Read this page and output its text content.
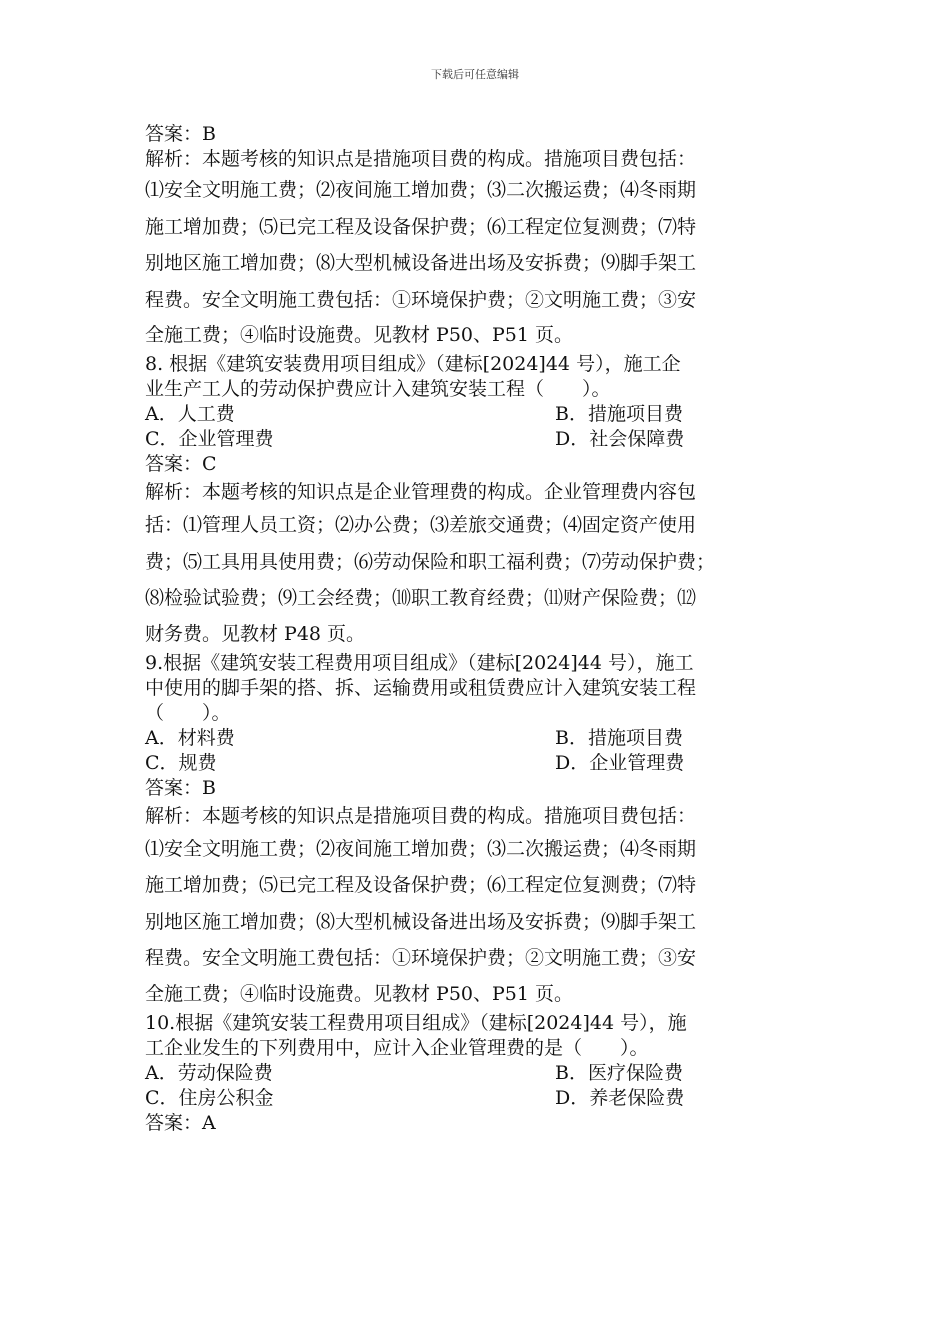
下载后可任意编辑
答案：B
解析：本题考核的知识点是措施项目费的构成。措施项目费包括：
⑴安全文明施工费；⑵夜间施工增加费；⑶二次搬运费；⑷冬雨期
施工增加费；⑸已完工程及设备保护费；⑹工程定位复测费；⑺特
别地区施工增加费；⑻大型机械设备进出场及安拆费；⑼脚手架工
程费。安全文明施工费包括：①环境保护费；②文明施工费；③安
全施工费；④临时设施费。见教材 P50、P51 页。
8. 根据《建筑安装费用项目组成》（建标[2024]44 号），施工企
业生产工人的劳动保护费应计入建筑安装工程（　　）。
A．人工费	B．措施项目费
C．企业管理费	D．社会保障费
答案：C
解析：本题考核的知识点是企业管理费的构成。企业管理费内容包
括：⑴管理人员工资；⑵办公费；⑶差旅交通费；⑷固定资产使用
费；⑸工具用具使用费；⑹劳动保险和职工福利费；⑺劳动保护费；
⑻检验试验费；⑼工会经费；⑽职工教育经费；⑾财产保险费；⑿
财务费。见教材 P48 页。
9.根据《建筑安装工程费用项目组成》（建标[2024]44 号），施工
中使用的脚手架的搭、拆、运输费用或租赁费应计入建筑安装工程
（　　）。
A．材料费	B．措施项目费
C．规费	D．企业管理费
答案：B
解析：本题考核的知识点是措施项目费的构成。措施项目费包括：
⑴安全文明施工费；⑵夜间施工增加费；⑶二次搬运费；⑷冬雨期
施工增加费；⑸已完工程及设备保护费；⑹工程定位复测费；⑺特
别地区施工增加费；⑻大型机械设备进出场及安拆费；⑼脚手架工
程费。安全文明施工费包括：①环境保护费；②文明施工费；③安
全施工费；④临时设施费。见教材 P50、P51 页。
10.根据《建筑安装工程费用项目组成》（建标[2024]44 号），施
工企业发生的下列费用中，应计入企业管理费的是（　　）。
A．劳动保险费	B．医疗保险费
C．住房公积金	D．养老保险费
答案：A
